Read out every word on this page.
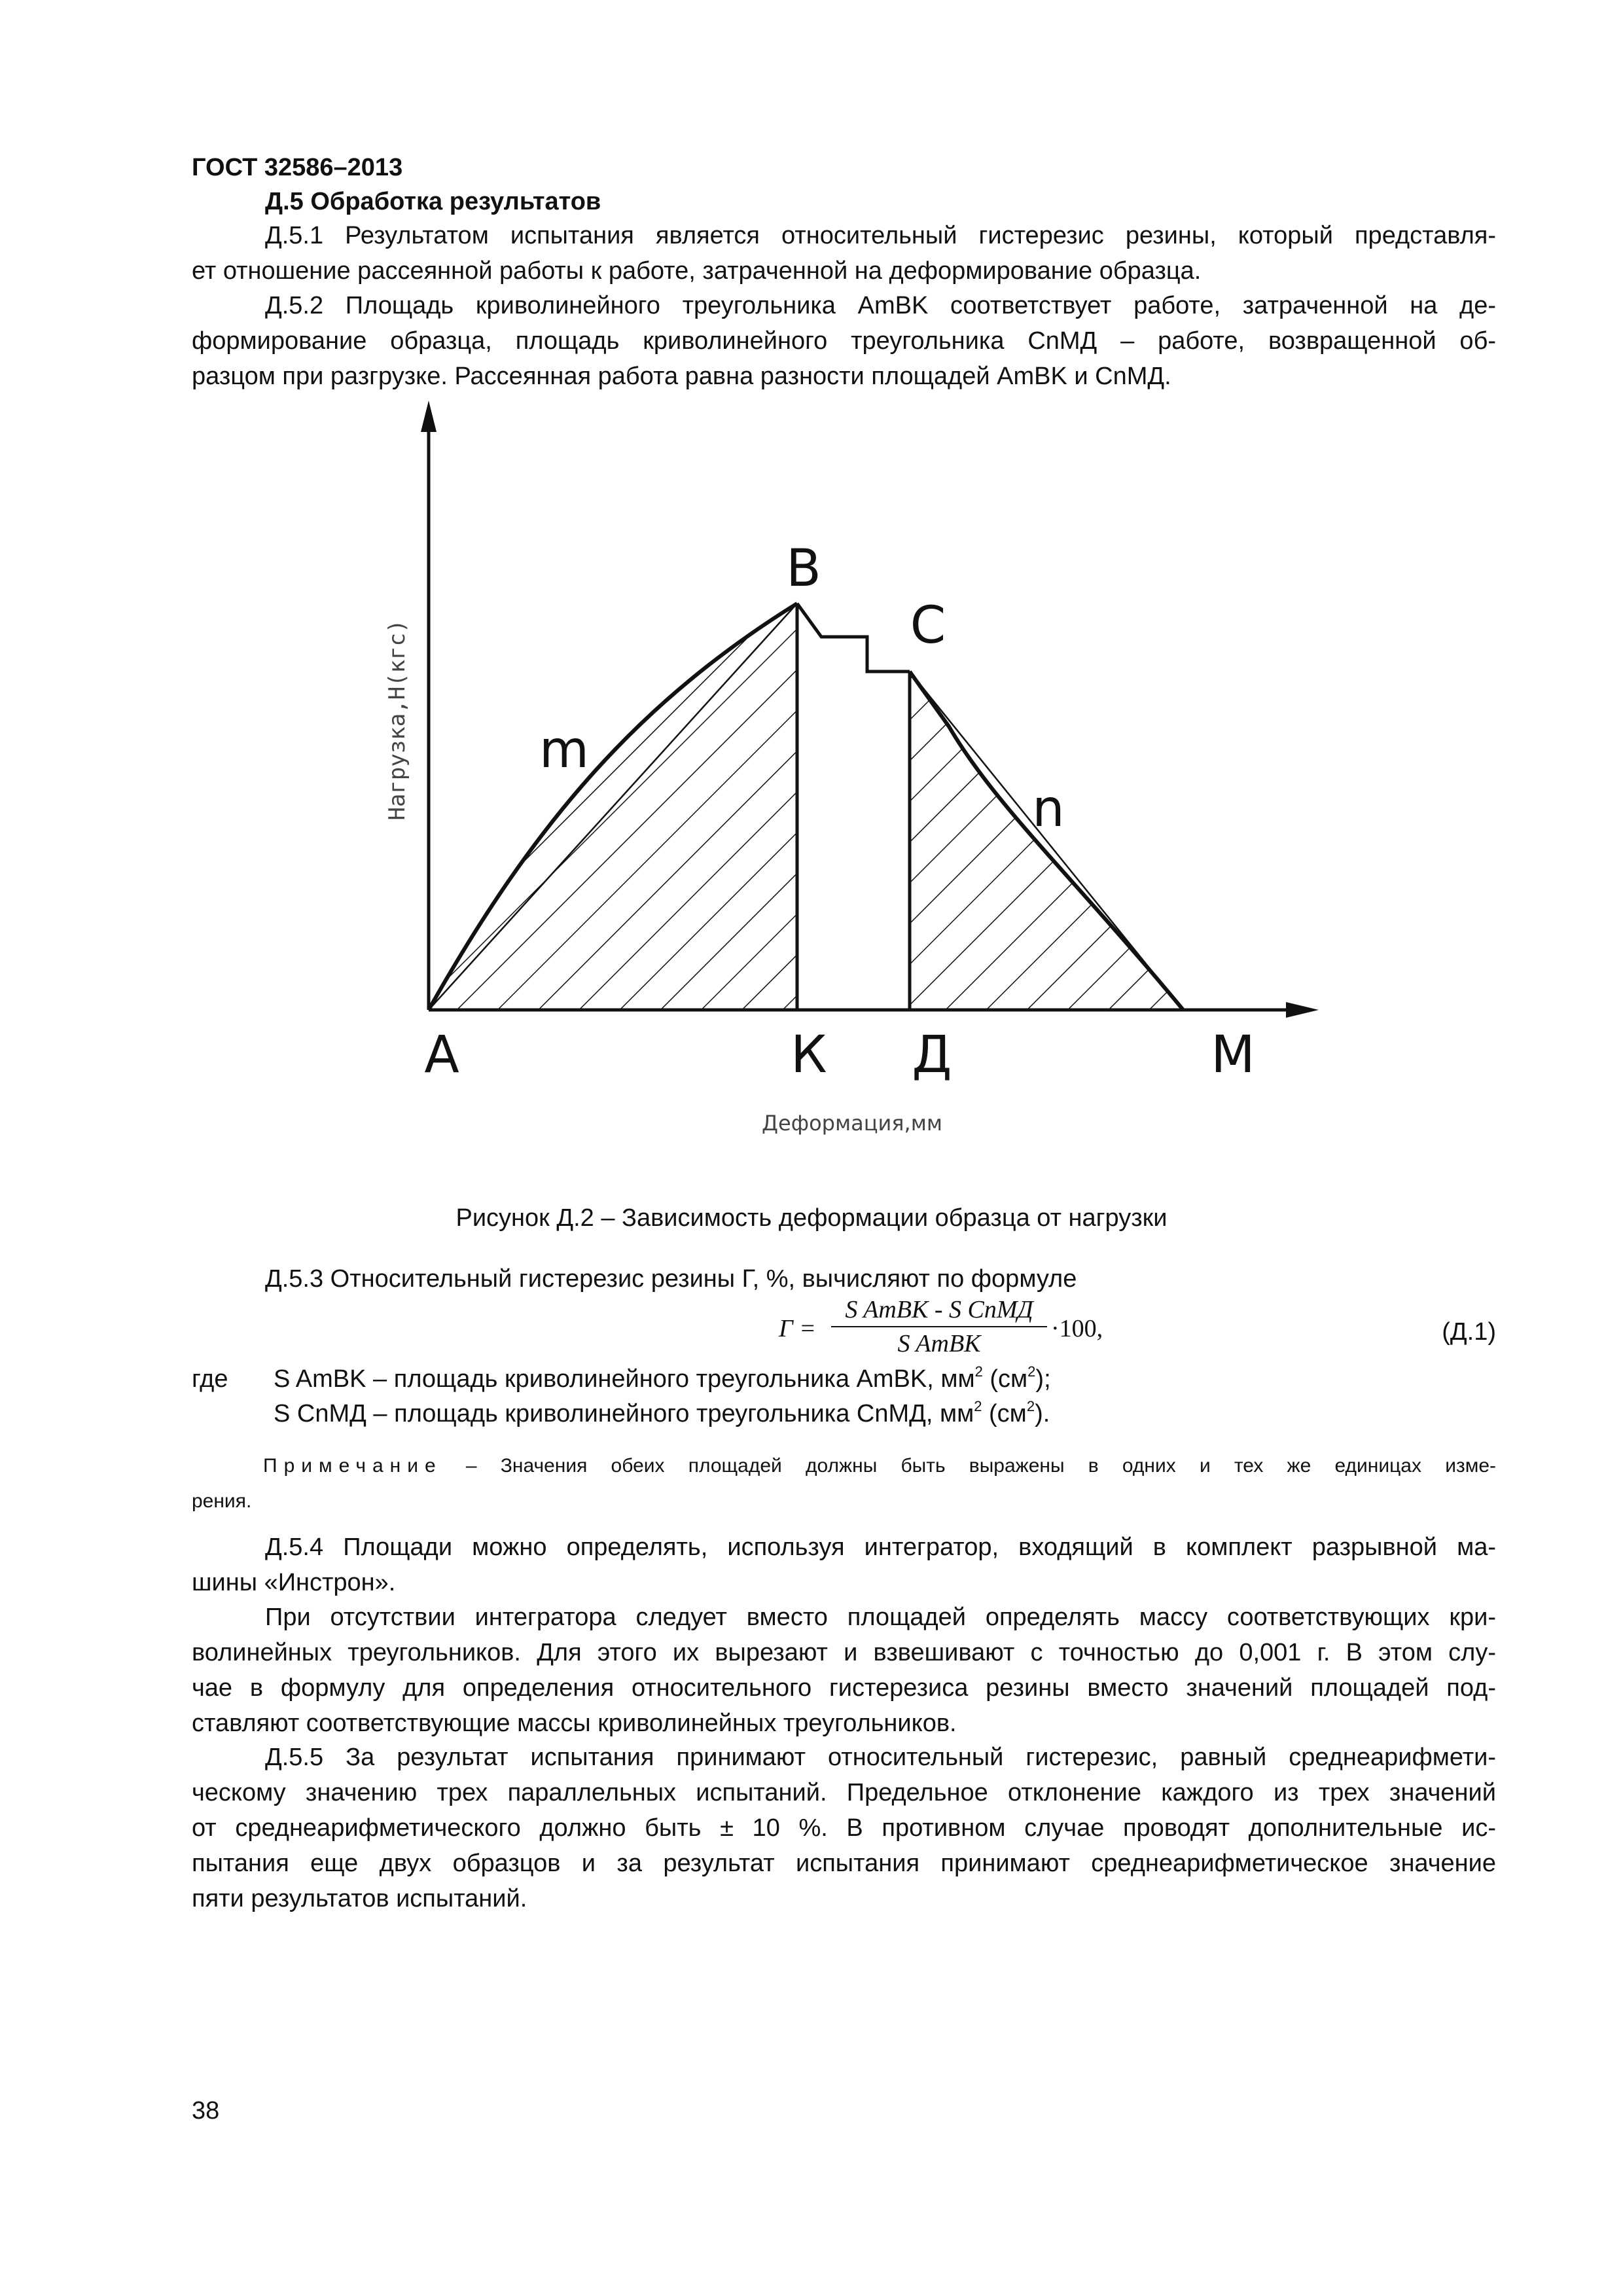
ГОСТ 32586–2013
Д.5 Обработка результатов
Д.5.1 Результатом испытания является относительный гистерезис резины, который представля-
ет отношение рассеянной работы к работе, затраченной на деформирование образца.
Д.5.2 Площадь криволинейного треугольника AmBK соответствует работе, затраченной на де-
формирование образца, площадь криволинейного треугольника CnМД – работе, возвращенной об-
разцом при разгрузке. Рассеянная работа равна разности площадей AmBK и CnМД.
B
C
m
n
А	К Д	М
Нагрузка,Н(кгс)
Деформация,мм
Рисунок Д.2 – Зависимость деформации образца от нагрузки
Д.5.3 Относительный гистерезис резины Г, %, вычисляют по формуле
Г =
S AmBK - S CnМД
S AmBK
·100,	(Д.1)
где S AmBK – площадь криволинейного треугольника AmBK, $мм^2$ $(см^2)$;
S CnМД – площадь криволинейного треугольника CnМД, $мм^2$ $(см^2)$.
Примечание – Значения обеих площадей должны быть выражены в одних и тех же единицах изме-
рения.
Д.5.4 Площади можно определять, используя интегратор, входящий в комплект разрывной ма-
шины «Инстрон».
При отсутствии интегратора следует вместо площадей определять массу соответствующих кри-
волинейных треугольников. Для этого их вырезают и взвешивают с точностью до 0,001 г. В этом слу-
чае в формулу для определения относительного гистерезиса резины вместо значений площадей под-
ставляют соответствующие массы криволинейных треугольников.
Д.5.5 За результат испытания принимают относительный гистерезис, равный среднеарифмети-
ческому значению трех параллельных испытаний. Предельное отклонение каждого из трех значений
от среднеарифметического должно быть ± 10 %. В противном случае проводят дополнительные ис-
пытания еще двух образцов и за результат испытания принимают среднеарифметическое значение
пяти результатов испытаний.
38
